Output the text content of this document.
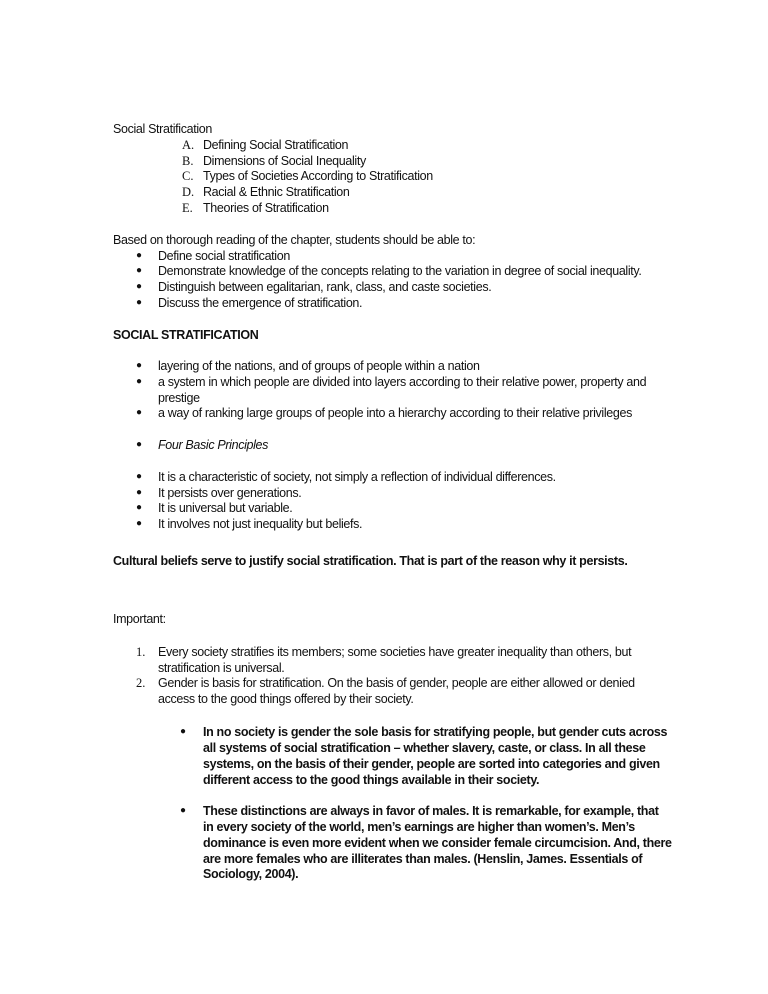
Social Stratification
A. Defining Social Stratification
B. Dimensions of Social Inequality
C. Types of Societies According to Stratification
D. Racial & Ethnic Stratification
E. Theories of Stratification
Based on thorough reading of the chapter, students should be able to:
● Define social stratification
● Demonstrate knowledge of the concepts relating to the variation in degree of social inequality.
● Distinguish between egalitarian, rank, class, and caste societies.
● Discuss the emergence of stratification.
SOCIAL STRATIFICATION
● layering of the nations, and of groups of people within a nation
● a system in which people are divided into layers according to their relative power, property and
prestige
● a way of ranking large groups of people into a hierarchy according to their relative privileges
● Four Basic Principles
● It is a characteristic of society, not simply a reflection of individual differences.
● It persists over generations.
● It is universal but variable.
● It involves not just inequality but beliefs.
Cultural beliefs serve to justify social stratification. That is part of the reason why it persists.
Important:
1. Every society stratifies its members; some societies have greater inequality than others, but
stratification is universal.
2. Gender is basis for stratification. On the basis of gender, people are either allowed or denied
access to the good things offered by their society.
● In no society is gender the sole basis for stratifying people, but gender cuts across
all systems of social stratification – whether slavery, caste, or class. In all these
systems, on the basis of their gender, people are sorted into categories and given
different access to the good things available in their society.
● These distinctions are always in favor of males. It is remarkable, for example, that
in every society of the world, men’s earnings are higher than women’s. Men’s
dominance is even more evident when we consider female circumcision. And, there
are more females who are illiterates than males. (Henslin, James. Essentials of
Sociology, 2004).
